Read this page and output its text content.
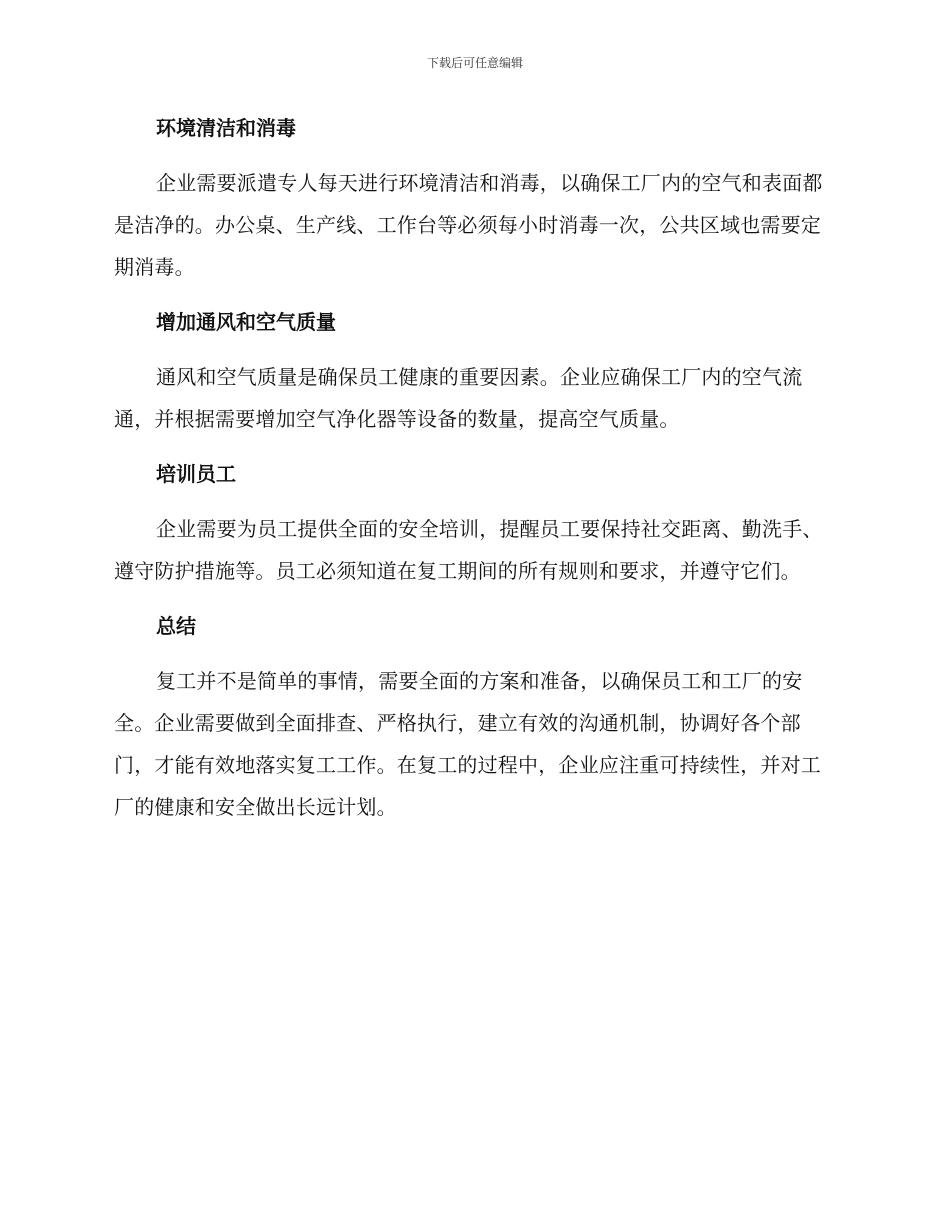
下载后可任意编辑
环境清洁和消毒

企业需要派遣专人每天进行环境清洁和消毒，以确保工厂内的空气和表面都是洁净的。办公桌、生产线、工作台等必须每小时消毒一次，公共区域也需要定期消毒。

增加通风和空气质量

通风和空气质量是确保员工健康的重要因素。企业应确保工厂内的空气流通，并根据需要增加空气净化器等设备的数量，提高空气质量。

培训员工

企业需要为员工提供全面的安全培训，提醒员工要保持社交距离、勤洗手、遵守防护措施等。员工必须知道在复工期间的所有规则和要求，并遵守它们。

总结

复工并不是简单的事情，需要全面的方案和准备，以确保员工和工厂的安全。企业需要做到全面排查、严格执行，建立有效的沟通机制，协调好各个部门，才能有效地落实复工工作。在复工的过程中，企业应注重可持续性，并对工厂的健康和安全做出长远计划。
